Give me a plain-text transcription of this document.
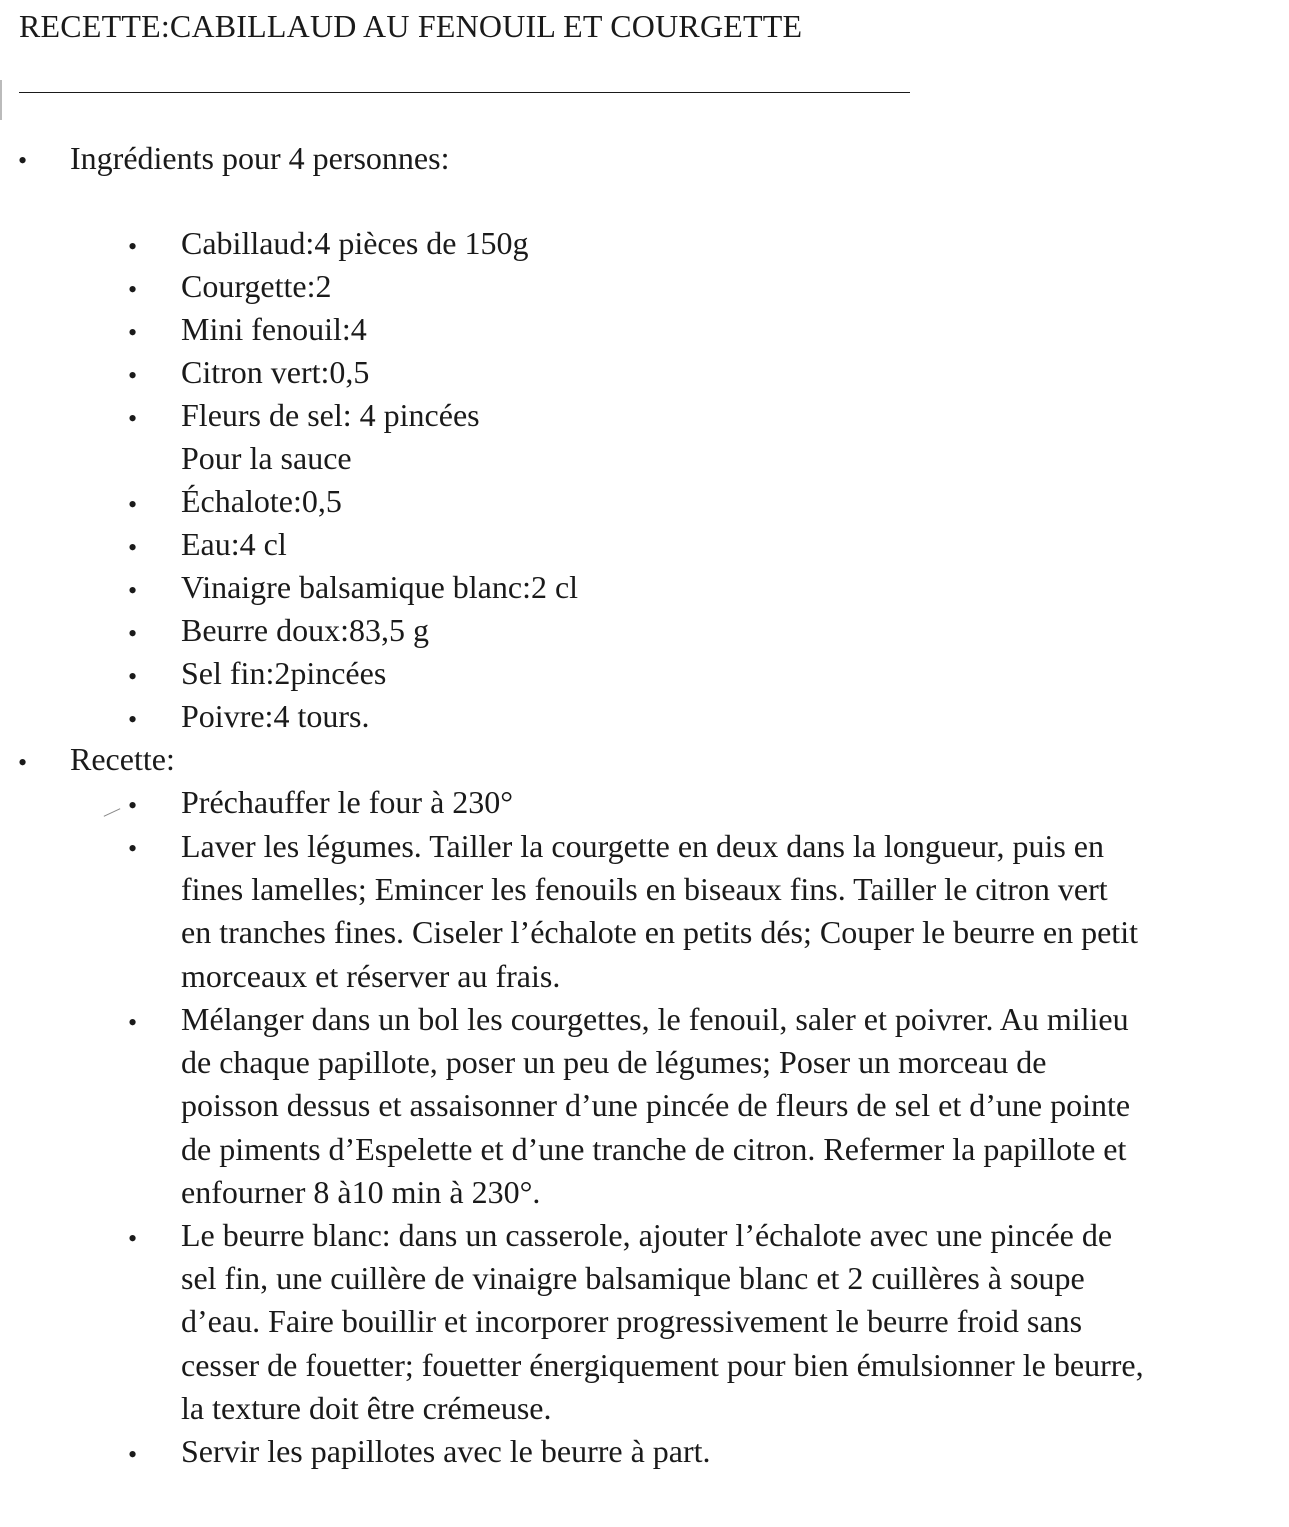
RECETTE:CABILLAUD AU FENOUIL ET COURGETTE
• Ingrédients pour 4 personnes:
• Cabillaud:4 pièces de 150g
• Courgette:2
• Mini fenouil:4
• Citron vert:0,5
• Fleurs de sel: 4 pincées
Pour la sauce
• Échalote:0,5
• Eau:4 cl
• Vinaigre balsamique blanc:2 cl
• Beurre doux:83,5 g
• Sel fin:2pincées
• Poivre:4 tours.
• Recette:
• Préchauffer le four à 230°
• Laver les légumes. Tailler la courgette en deux dans la longueur, puis en
fines lamelles; Emincer les fenouils en biseaux fins. Tailler le citron vert
en tranches fines. Ciseler l’échalote en petits dés; Couper le beurre en petit
morceaux et réserver au frais.
• Mélanger dans un bol les courgettes, le fenouil, saler et poivrer. Au milieu
de chaque papillote, poser un peu de légumes; Poser un morceau de
poisson dessus et assaisonner d’une pincée de fleurs de sel et d’une pointe
de piments d’Espelette et d’une tranche de citron. Refermer la papillote et
enfourner 8 à10 min à 230°.
• Le beurre blanc: dans un casserole, ajouter l’échalote avec une pincée de
sel fin, une cuillère de vinaigre balsamique blanc et 2 cuillères à soupe
d’eau. Faire bouillir et incorporer progressivement le beurre froid sans
cesser de fouetter; fouetter énergiquement pour bien émulsionner le beurre,
la texture doit être crémeuse.
• Servir les papillotes avec le beurre à part.
